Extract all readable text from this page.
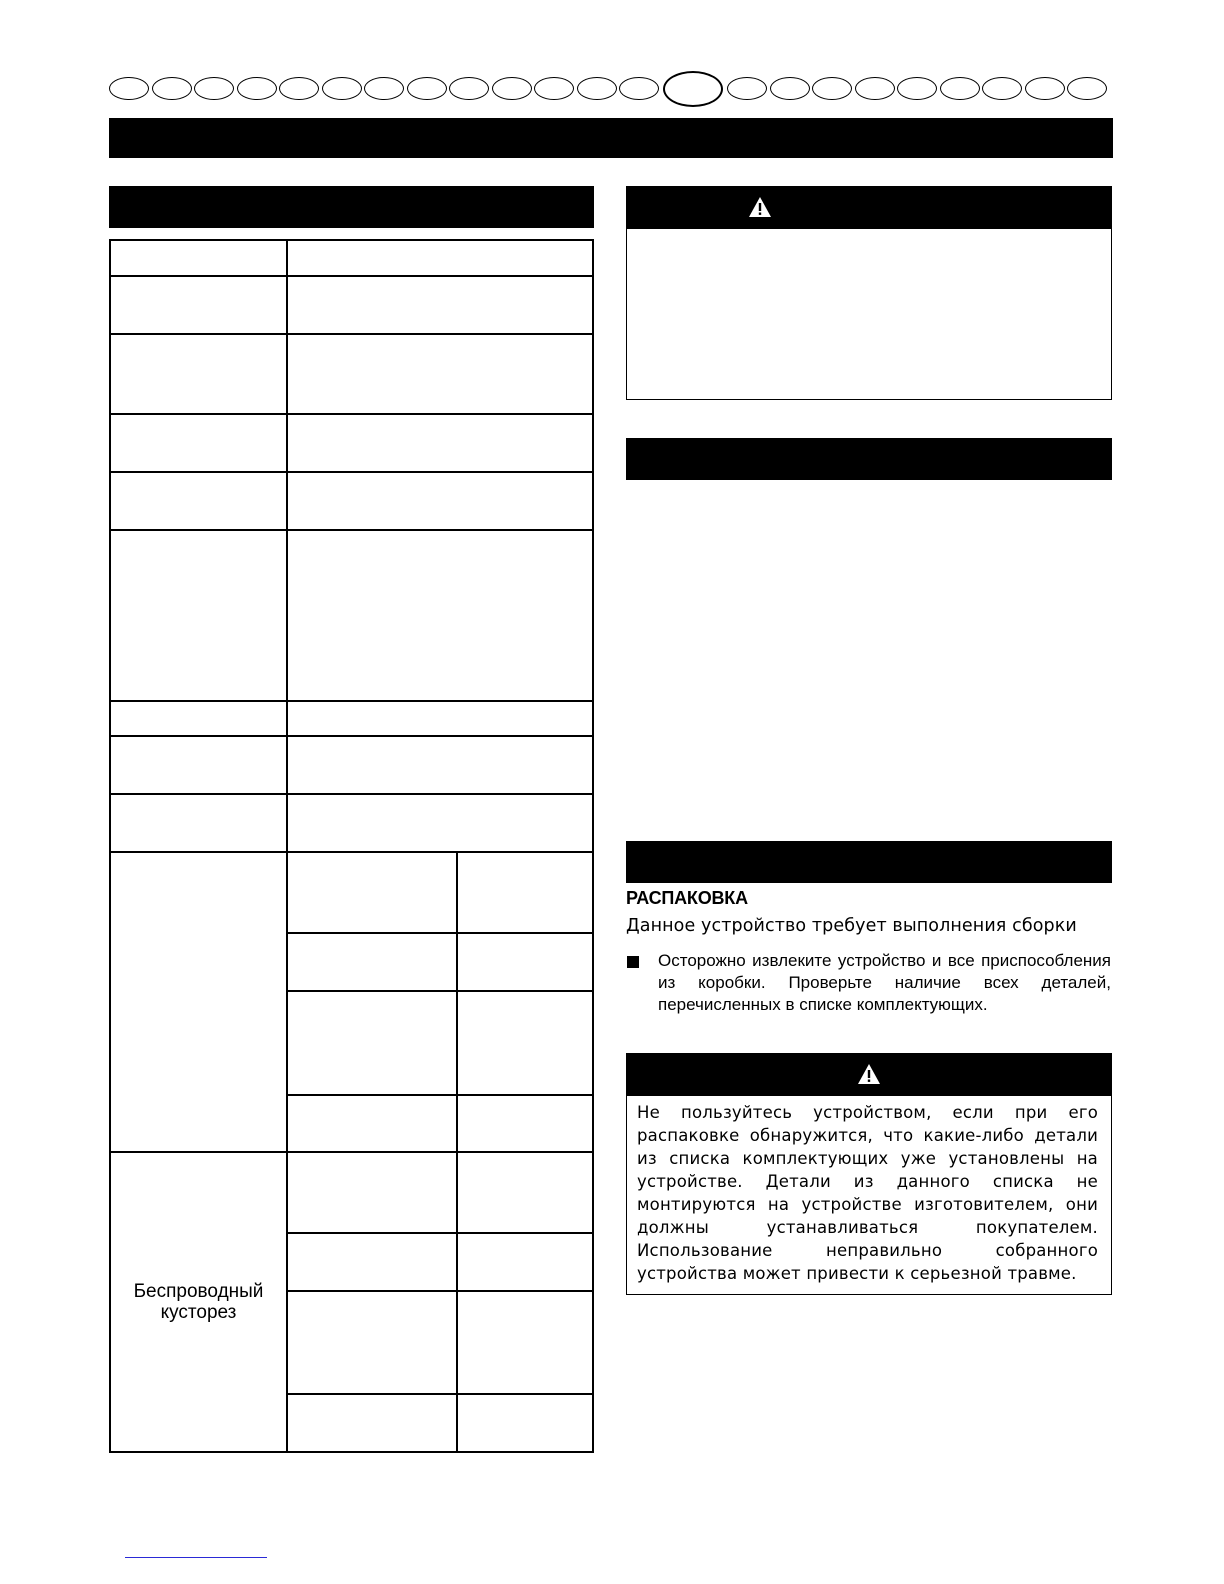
Беспроводный кусторез		

РАСПАКОВКА
Данное устройство требует выполнения сборки
Осторожно извлеките устройство и все приспособления из коробки. Проверьте наличие всех деталей, перечисленных в списке комплектующих.
Не пользуйтесь устройством, если при его распаковке обнаружится, что какие-либо детали из списка комплектующих уже установлены на устройстве. Детали из данного списка не монтируются на устройстве изготовителем, они должны устанавливаться покупателем. Использование неправильно собранного устройства может привести к серьезной травме.
